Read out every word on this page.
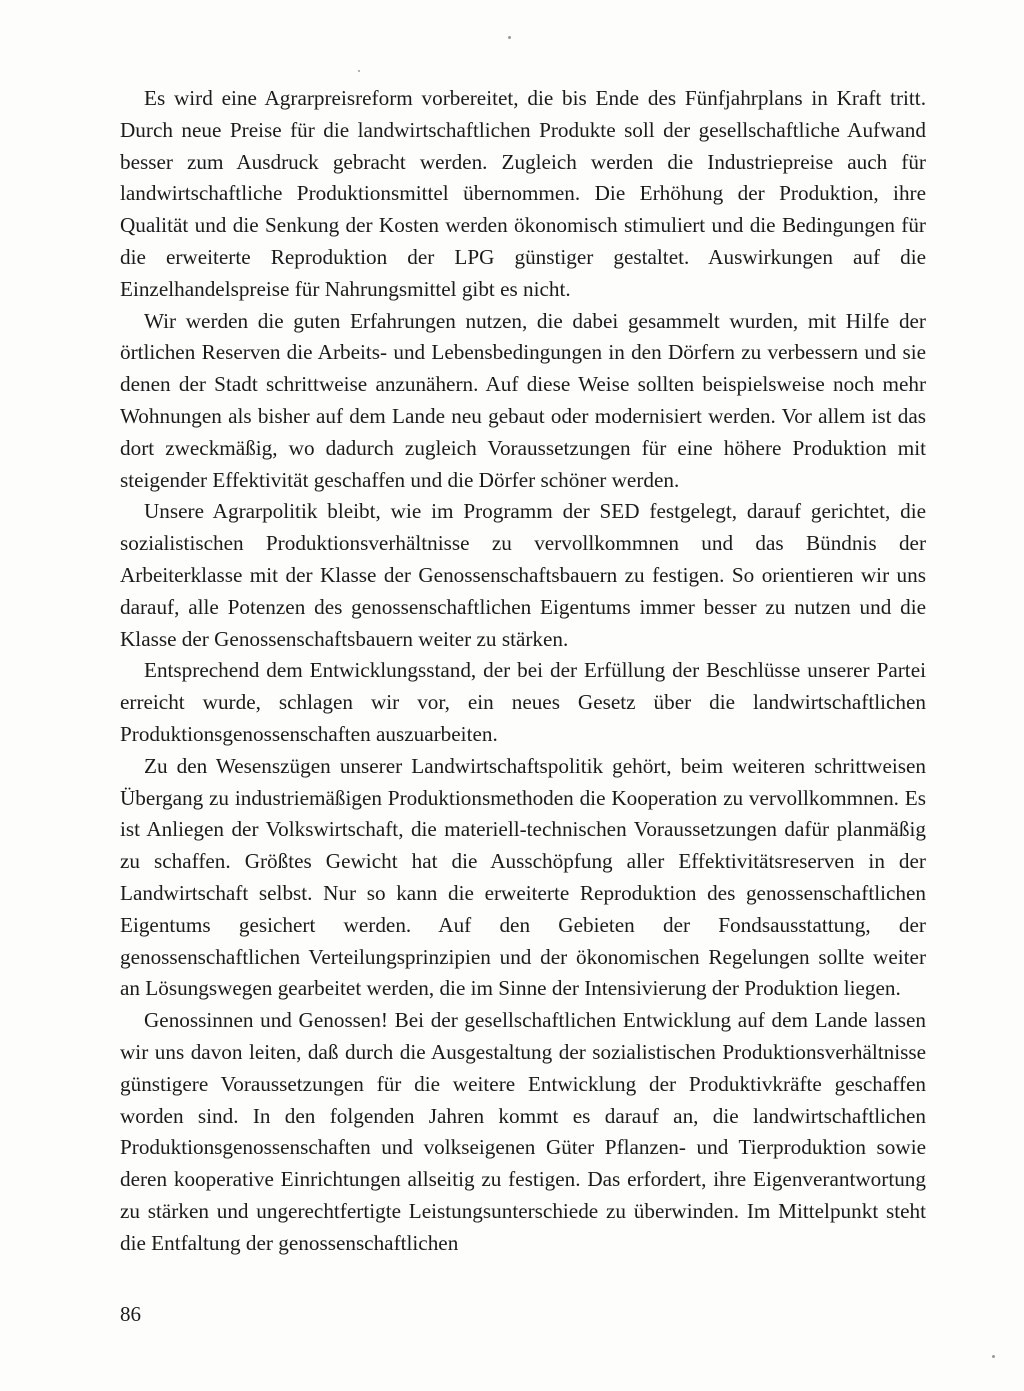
Es wird eine Agrarpreisreform vorbereitet, die bis Ende des Fünfjahrplans in Kraft tritt. Durch neue Preise für die landwirtschaftlichen Produkte soll der gesellschaftliche Aufwand besser zum Ausdruck gebracht werden. Zugleich werden die Industriepreise auch für landwirtschaftliche Produktionsmittel übernommen. Die Erhöhung der Produktion, ihre Qualität und die Senkung der Kosten werden ökonomisch stimuliert und die Bedingungen für die erweiterte Reproduktion der LPG günstiger gestaltet. Auswirkungen auf die Einzelhandelspreise für Nahrungsmittel gibt es nicht.

Wir werden die guten Erfahrungen nutzen, die dabei gesammelt wurden, mit Hilfe der örtlichen Reserven die Arbeits- und Lebensbedingungen in den Dörfern zu verbessern und sie denen der Stadt schrittweise anzunähern. Auf diese Weise sollten beispielsweise noch mehr Wohnungen als bisher auf dem Lande neu gebaut oder modernisiert werden. Vor allem ist das dort zweckmäßig, wo dadurch zugleich Voraussetzungen für eine höhere Produktion mit steigender Effektivität geschaffen und die Dörfer schöner werden.

Unsere Agrarpolitik bleibt, wie im Programm der SED festgelegt, darauf gerichtet, die sozialistischen Produktionsverhältnisse zu vervollkommnen und das Bündnis der Arbeiterklasse mit der Klasse der Genossenschaftsbauern zu festigen. So orientieren wir uns darauf, alle Potenzen des genossenschaftlichen Eigentums immer besser zu nutzen und die Klasse der Genossenschaftsbauern weiter zu stärken.

Entsprechend dem Entwicklungsstand, der bei der Erfüllung der Beschlüsse unserer Partei erreicht wurde, schlagen wir vor, ein neues Gesetz über die landwirtschaftlichen Produktionsgenossenschaften auszuarbeiten.

Zu den Wesenszügen unserer Landwirtschaftspolitik gehört, beim weiteren schrittweisen Übergang zu industriemäßigen Produktionsmethoden die Kooperation zu vervollkommnen. Es ist Anliegen der Volkswirtschaft, die materiell-technischen Voraussetzungen dafür planmäßig zu schaffen. Größtes Gewicht hat die Ausschöpfung aller Effektivitätsreserven in der Landwirtschaft selbst. Nur so kann die erweiterte Reproduktion des genossenschaftlichen Eigentums gesichert werden. Auf den Gebieten der Fondsausstattung, der genossenschaftlichen Verteilungsprinzipien und der ökonomischen Regelungen sollte weiter an Lösungswegen gearbeitet werden, die im Sinne der Intensivierung der Produktion liegen.

Genossinnen und Genossen! Bei der gesellschaftlichen Entwicklung auf dem Lande lassen wir uns davon leiten, daß durch die Ausgestaltung der sozialistischen Produktionsverhältnisse günstigere Voraussetzungen für die weitere Entwicklung der Produktivkräfte geschaffen worden sind. In den folgenden Jahren kommt es darauf an, die landwirtschaftlichen Produktionsgenossenschaften und volkseigenen Güter Pflanzen- und Tierproduktion sowie deren kooperative Einrichtungen allseitig zu festigen. Das erfordert, ihre Eigenverantwortung zu stärken und ungerechtfertigte Leistungsunterschiede zu überwinden. Im Mittelpunkt steht die Entfaltung der genossenschaftlichen

86
